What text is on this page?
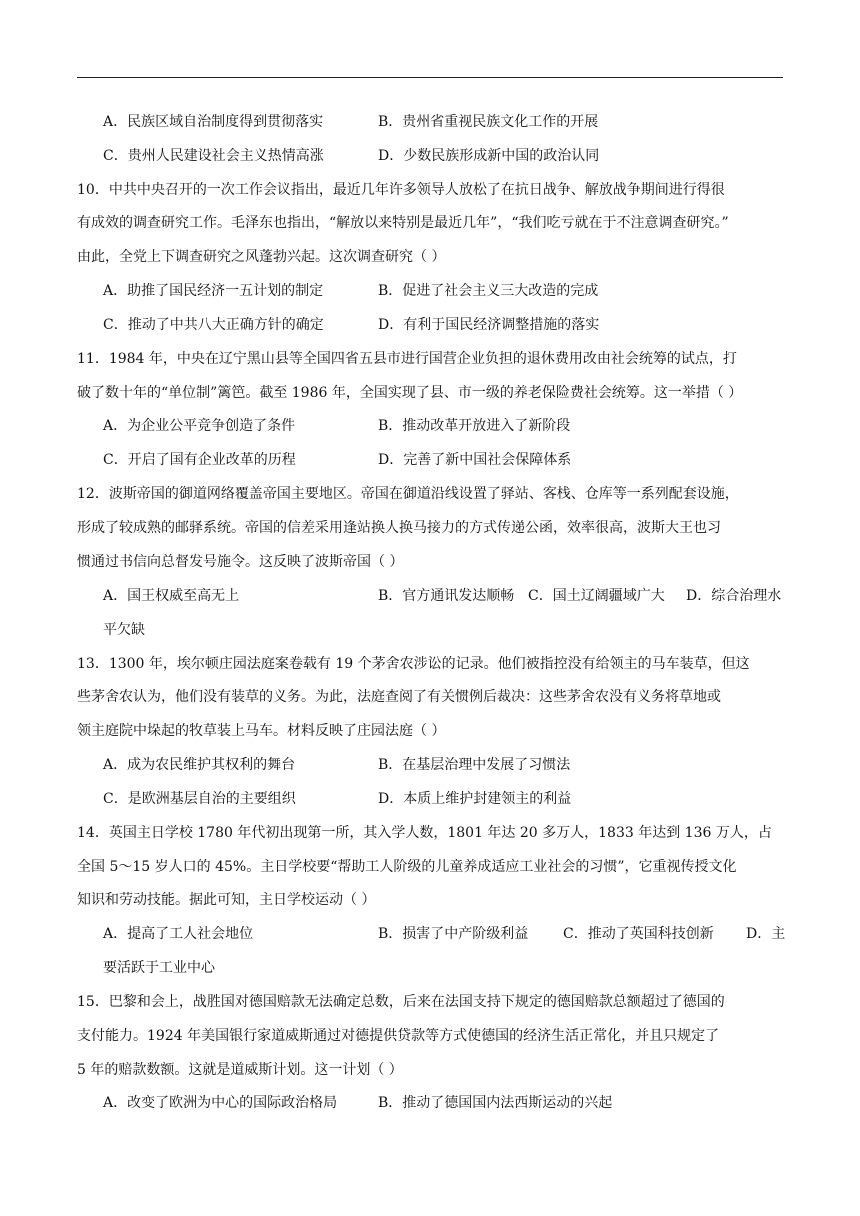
A．民族区域自治制度得到贯彻落实	B．贵州省重视民族文化工作的开展
C．贵州人民建设社会主义热情高涨	D．少数民族形成新中国的政治认同
10．中共中央召开的一次工作会议指出，最近几年许多领导人放松了在抗日战争、解放战争期间进行得很
有成效的调查研究工作。毛泽东也指出，“解放以来特别是最近几年”，“我们吃亏就在于不注意调查研究。”
由此，全党上下调查研究之风蓬勃兴起。这次调查研究（ ）
A．助推了国民经济一五计划的制定	B．促进了社会主义三大改造的完成
C．推动了中共八大正确方针的确定	D．有利于国民经济调整措施的落实
11．1984 年，中央在辽宁黑山县等全国四省五县市进行国营企业负担的退休费用改由社会统筹的试点，打
破了数十年的“单位制”篱笆。截至 1986 年，全国实现了县、市一级的养老保险费社会统筹。这一举措（ ）
A．为企业公平竞争创造了条件	B．推动改革开放进入了新阶段
C．开启了国有企业改革的历程	D．完善了新中国社会保障体系
12．波斯帝国的御道网络覆盖帝国主要地区。帝国在御道沿线设置了驿站、客栈、仓库等一系列配套设施，
形成了较成熟的邮驿系统。帝国的信差采用逢站换人换马接力的方式传递公函，效率很高，波斯大王也习
惯通过书信向总督发号施令。这反映了波斯帝国（ ）
A．国王权威至高无上	B．官方通讯发达顺畅 C．国土辽阔疆域广大 D．综合治理水
平欠缺
13．1300 年，埃尔顿庄园法庭案卷载有 19 个茅舍农涉讼的记录。他们被指控没有给领主的马车装草，但这
些茅舍农认为，他们没有装草的义务。为此，法庭查阅了有关惯例后裁决：这些茅舍农没有义务将草地或
领主庭院中垛起的牧草装上马车。材料反映了庄园法庭（ ）
A．成为农民维护其权利的舞台	B．在基层治理中发展了习惯法
C．是欧洲基层自治的主要组织	D．本质上维护封建领主的利益
14．英国主日学校 1780 年代初出现第一所，其入学人数，1801 年达 20 多万人，1833 年达到 136 万人，占
全国 5～15 岁人口的 45%。主日学校要“帮助工人阶级的儿童养成适应工业社会的习惯”，它重视传授文化
知识和劳动技能。据此可知，主日学校运动（ ）
A．提高了工人社会地位	B．损害了中产阶级利益 C．推动了英国科技创新 D．主
要活跃于工业中心
15．巴黎和会上，战胜国对德国赔款无法确定总数，后来在法国支持下规定的德国赔款总额超过了德国的
支付能力。1924 年美国银行家道威斯通过对德提供贷款等方式使德国的经济生活正常化，并且只规定了
5 年的赔款数额。这就是道威斯计划。这一计划（ ）
A．改变了欧洲为中心的国际政治格局	B．推动了德国国内法西斯运动的兴起
